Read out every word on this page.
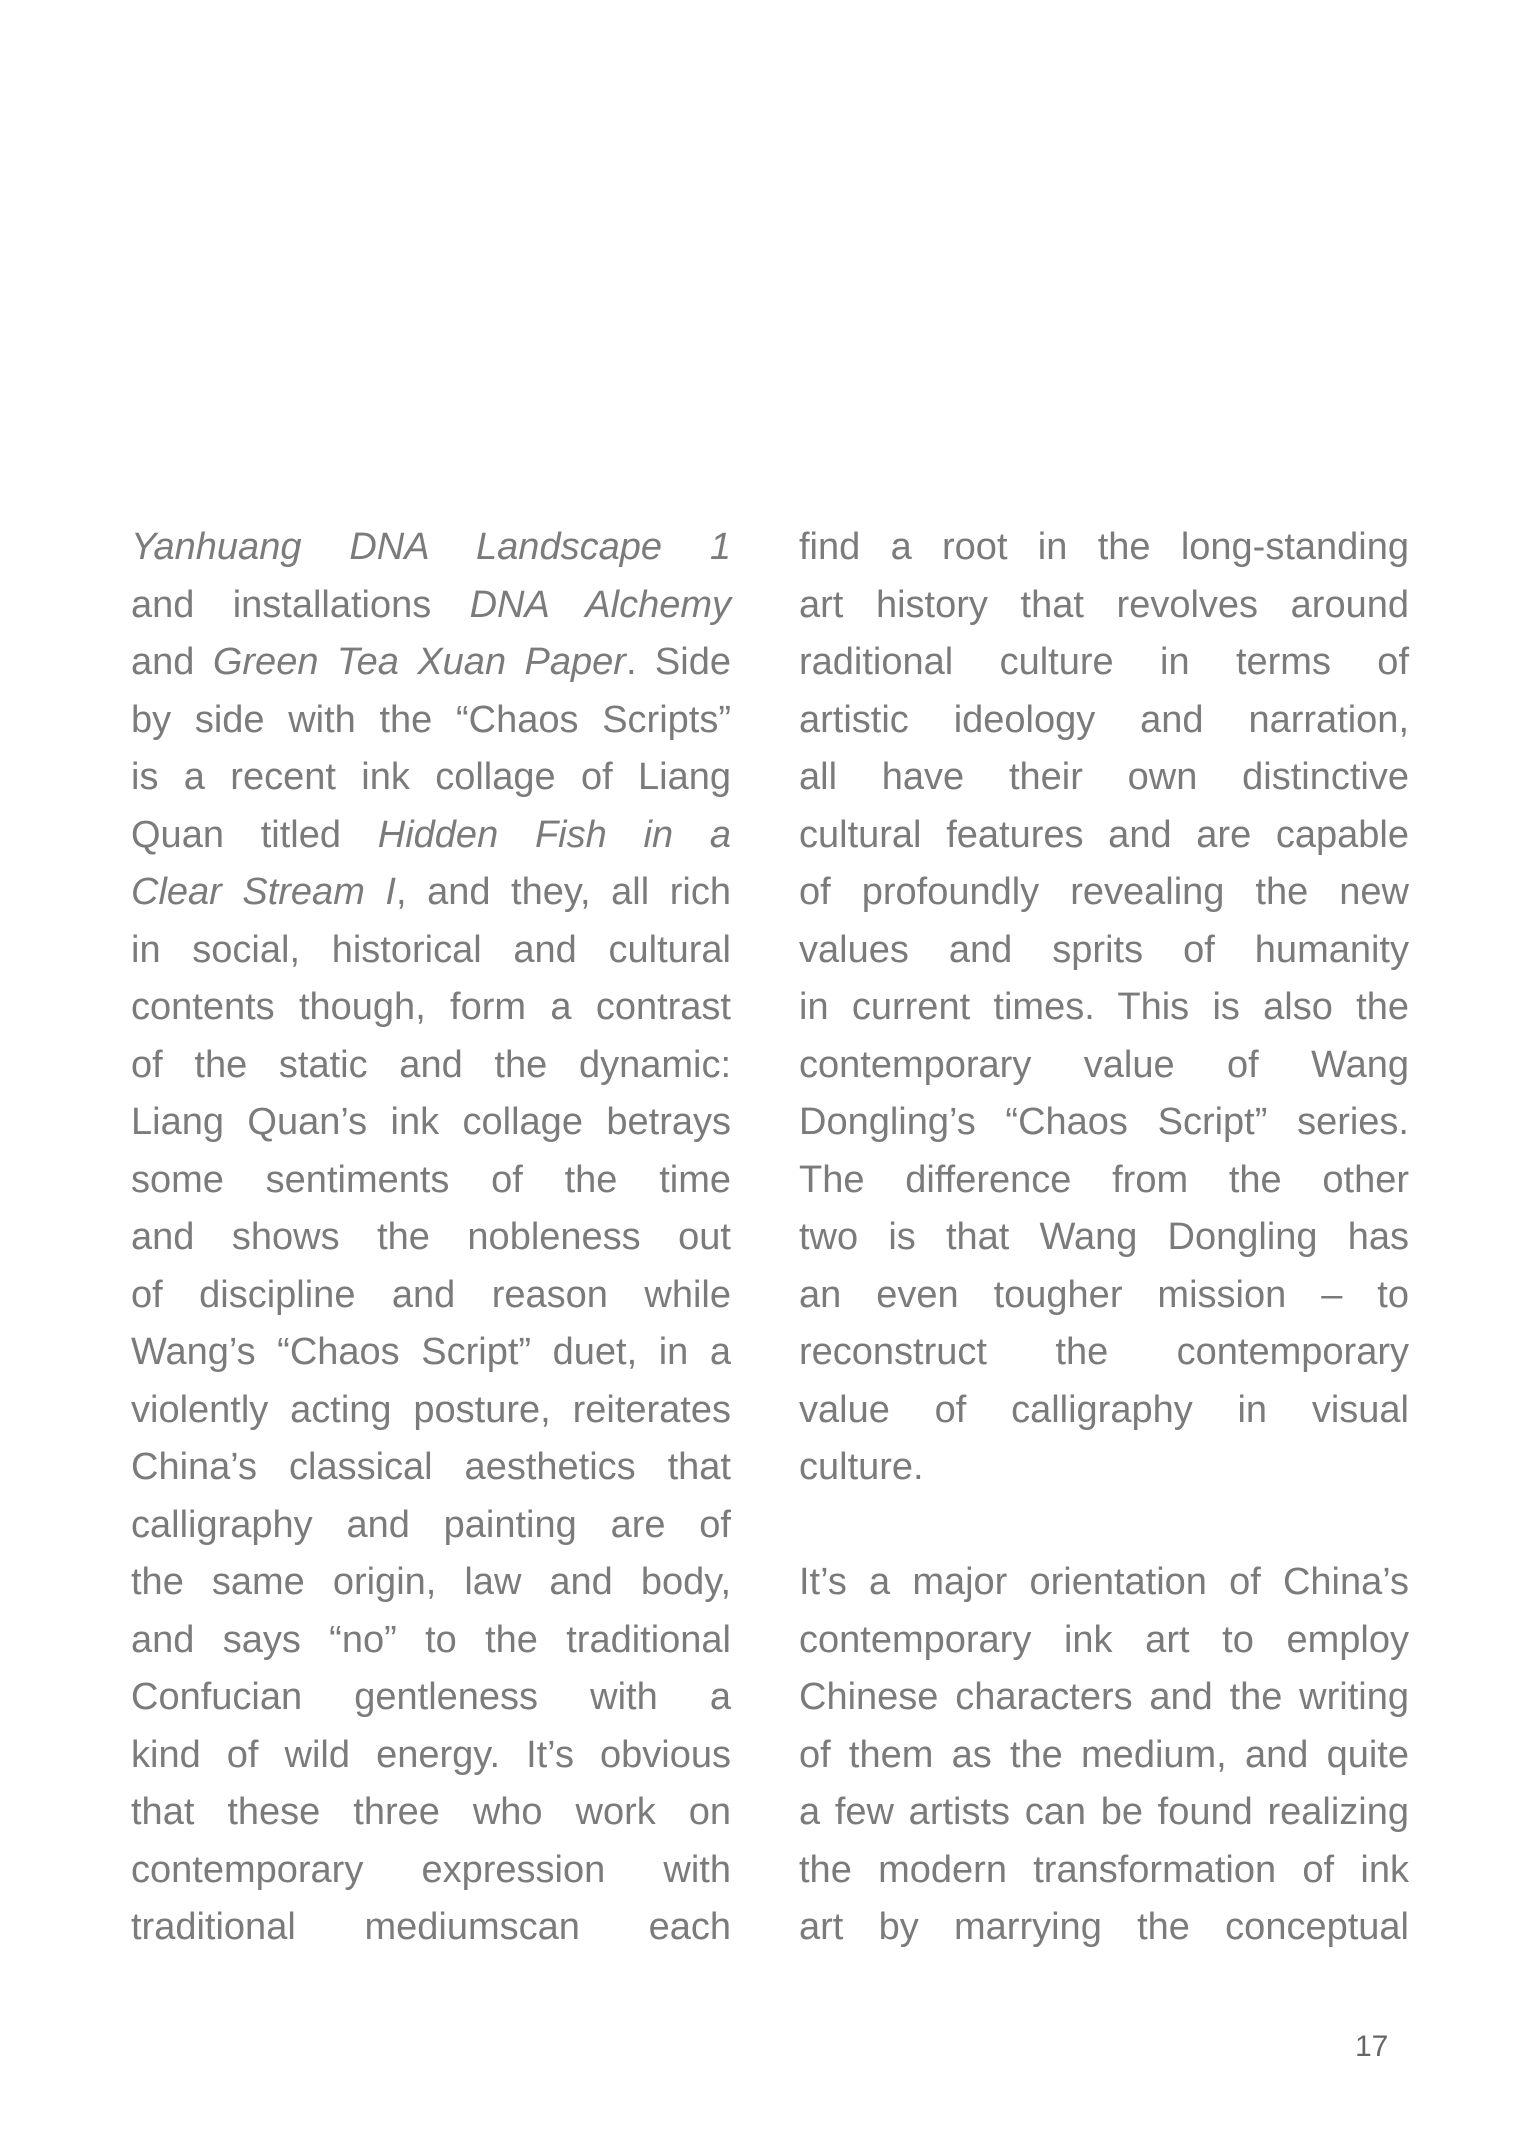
Yanhuang DNA Landscape 1
and installations DNA Alchemy
and Green Tea Xuan Paper. Side
by side with the “Chaos Scripts”
is a recent ink collage of Liang
Quan titled Hidden Fish in a
Clear Stream I, and they, all rich
in social, historical and cultural
contents though, form a contrast
of the static and the dynamic:
Liang Quan’s ink collage betrays
some sentiments of the time
and shows the nobleness out
of discipline and reason while
Wang’s “Chaos Script” duet, in a
violently acting posture, reiterates
China’s classical aesthetics that
calligraphy and painting are of
the same origin, law and body,
and says “no” to the traditional
Confucian gentleness with a
kind of wild energy. It’s obvious
that these three who work on
contemporary expression with
traditional mediumscan each
find a root in the long-standing
art history that revolves around
raditional culture in terms of
artistic ideology and narration,
all have their own distinctive
cultural features and are capable
of profoundly revealing the new
values and sprits of humanity
in current times. This is also the
contemporary value of Wang
Dongling’s “Chaos Script” series.
The difference from the other
two is that Wang Dongling has
an even tougher mission – to
reconstruct the contemporary
value of calligraphy in visual
culture.
It’s a major orientation of China’s
contemporary ink art to employ
Chinese characters and the writing
of them as the medium, and quite
a few artists can be found realizing
the modern transformation of ink
art by marrying the conceptual
17
